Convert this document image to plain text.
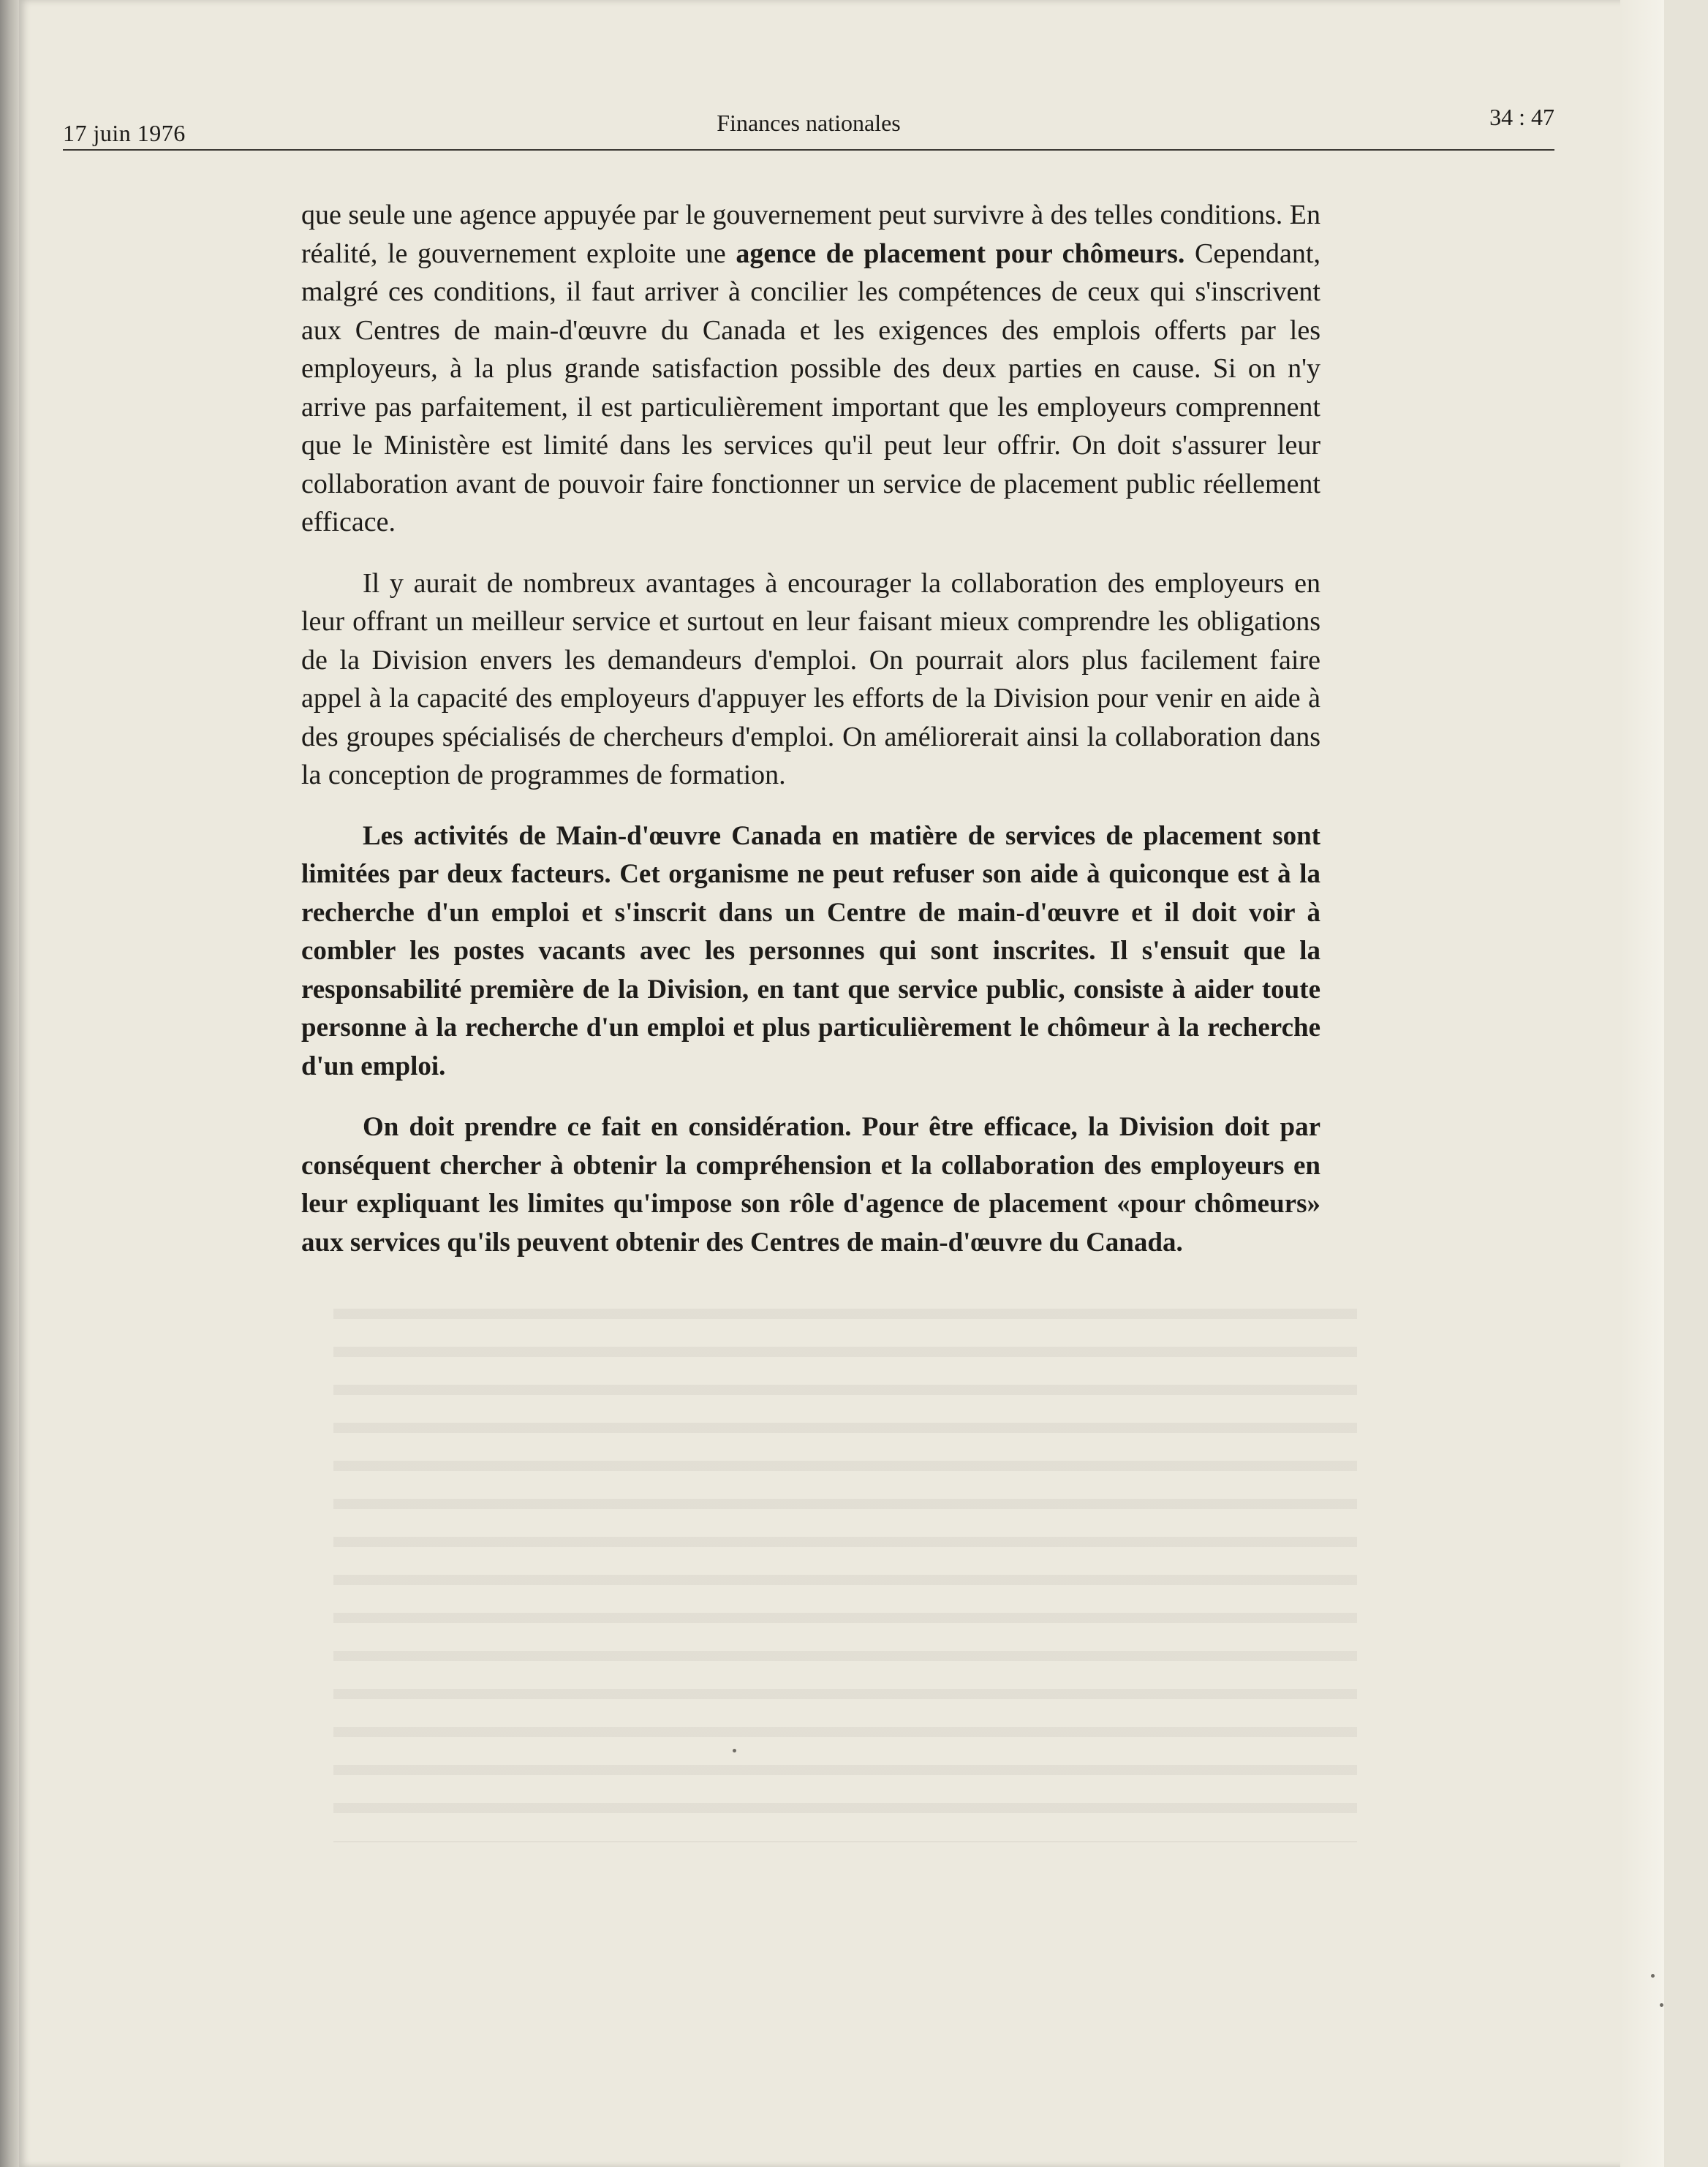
17 juin 1976	Finances nationales	34 : 47

que seule une agence appuyée par le gouvernement peut survivre à des telles conditions. En réalité, le gouvernement exploite une agence de placement pour chômeurs. Cependant, malgré ces conditions, il faut arriver à concilier les compétences de ceux qui s'inscrivent aux Centres de main-d'œuvre du Canada et les exigences des emplois offerts par les employeurs, à la plus grande satisfaction possible des deux parties en cause. Si on n'y arrive pas parfaitement, il est particulièrement important que les employeurs comprennent que le Ministère est limité dans les services qu'il peut leur offrir. On doit s'assurer leur collaboration avant de pouvoir faire fonctionner un service de placement public réellement efficace.

Il y aurait de nombreux avantages à encourager la collaboration des employeurs en leur offrant un meilleur service et surtout en leur faisant mieux comprendre les obligations de la Division envers les demandeurs d'emploi. On pourrait alors plus facilement faire appel à la capacité des employeurs d'appuyer les efforts de la Division pour venir en aide à des groupes spécialisés de chercheurs d'emploi. On améliorerait ainsi la collaboration dans la conception de programmes de formation.

Les activités de Main-d'œuvre Canada en matière de services de placement sont limitées par deux facteurs. Cet organisme ne peut refuser son aide à quiconque est à la recherche d'un emploi et s'inscrit dans un Centre de main-d'œuvre et il doit voir à combler les postes vacants avec les personnes qui sont inscrites. Il s'ensuit que la responsabilité première de la Division, en tant que service public, consiste à aider toute personne à la recherche d'un emploi et plus particulièrement le chômeur à la recherche d'un emploi.

On doit prendre ce fait en considération. Pour être efficace, la Division doit par conséquent chercher à obtenir la compréhension et la collaboration des employeurs en leur expliquant les limites qu'impose son rôle d'agence de placement «pour chômeurs» aux services qu'ils peuvent obtenir des Centres de main-d'œuvre du Canada.
